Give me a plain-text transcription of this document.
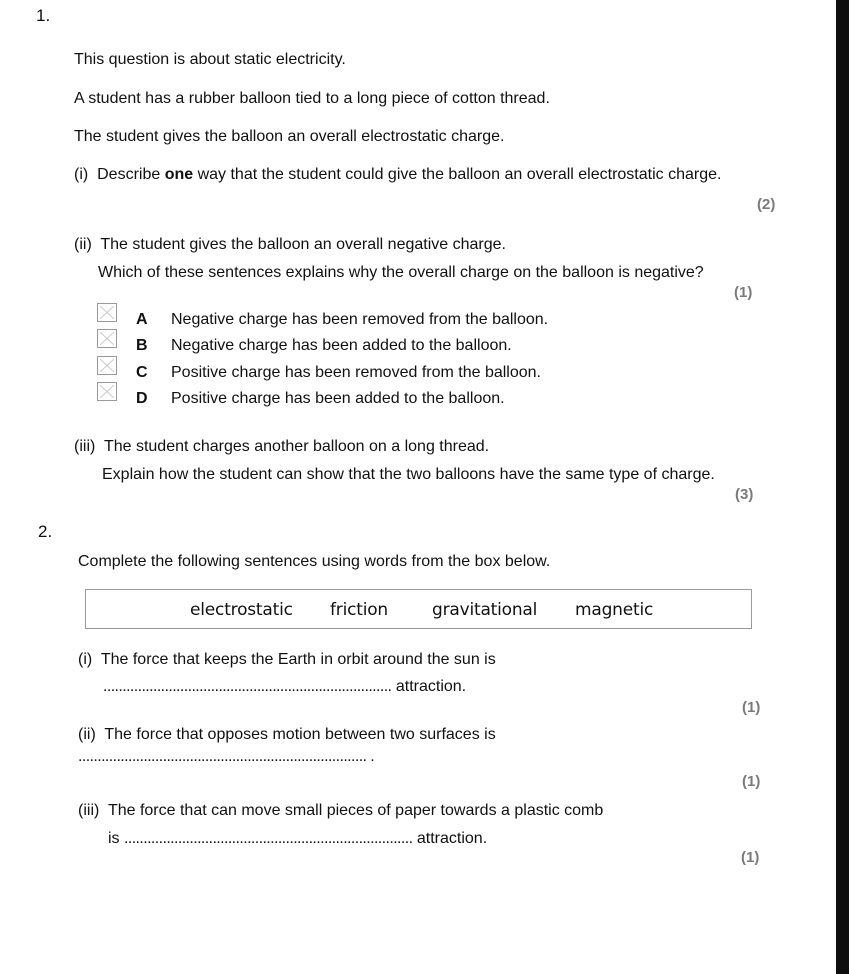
1.
This question is about static electricity.
A student has a rubber balloon tied to a long piece of cotton thread.
The student gives the balloon an overall electrostatic charge.
(i) Describe one way that the student could give the balloon an overall electrostatic charge.
(2)
(ii) The student gives the balloon an overall negative charge.
Which of these sentences explains why the overall charge on the balloon is negative?
(1)
A Negative charge has been removed from the balloon.
B Negative charge has been added to the balloon.
C Positive charge has been removed from the balloon.
D Positive charge has been added to the balloon.
(iii) The student charges another balloon on a long thread.
Explain how the student can show that the two balloons have the same type of charge.
(3)
2.
Complete the following sentences using words from the box below.
electrostatic friction	gravitational magnetic
(i) The force that keeps the Earth in orbit around the sun is
........................................................................... attraction.
(1)
(ii) The force that opposes motion between two surfaces is
........................................................................... .
(1)
(iii) The force that can move small pieces of paper towards a plastic comb
is ........................................................................... attraction.
(1)
